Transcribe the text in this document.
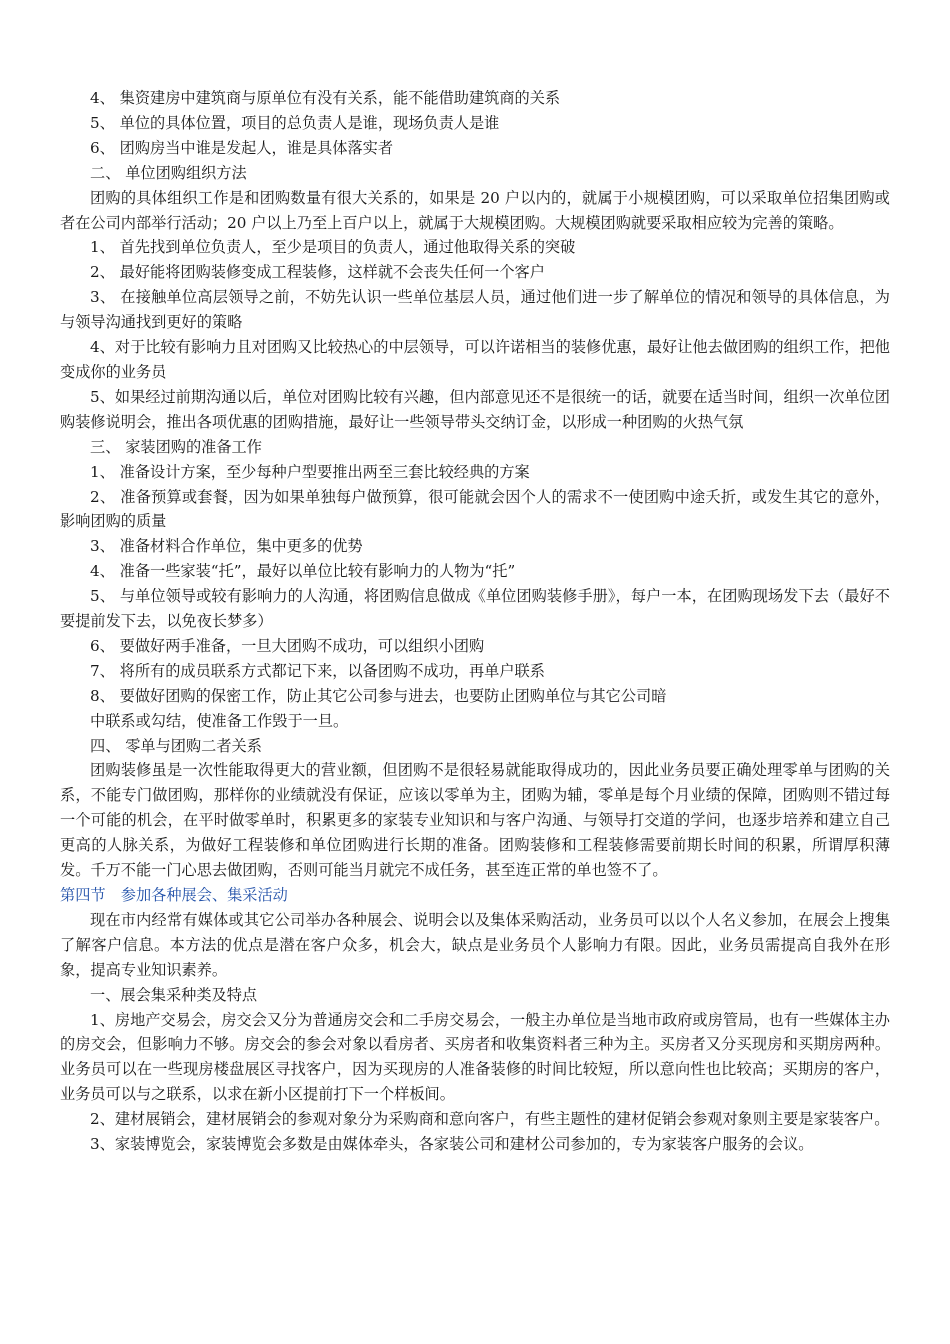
4、 集资建房中建筑商与原单位有没有关系，能不能借助建筑商的关系

5、 单位的具体位置，项目的总负责人是谁，现场负责人是谁

6、 团购房当中谁是发起人，谁是具体落实者

二、 单位团购组织方法

团购的具体组织工作是和团购数量有很大关系的，如果是 20 户以内的，就属于小规模团购，可以采取单位招集团购或者在公司内部举行活动；20 户以上乃至上百户以上，就属于大规模团购。大规模团购就要采取相应较为完善的策略。

1、 首先找到单位负责人，至少是项目的负责人，通过他取得关系的突破

2、 最好能将团购装修变成工程装修，这样就不会丧失任何一个客户

3、 在接触单位高层领导之前，不妨先认识一些单位基层人员，通过他们进一步了解单位的情况和领导的具体信息，为与领导沟通找到更好的策略

4、对于比较有影响力且对团购又比较热心的中层领导，可以许诺相当的装修优惠，最好让他去做团购的组织工作，把他变成你的业务员

5、如果经过前期沟通以后，单位对团购比较有兴趣，但内部意见还不是很统一的话，就要在适当时间，组织一次单位团购装修说明会，推出各项优惠的团购措施，最好让一些领导带头交纳订金，以形成一种团购的火热气氛

三、 家装团购的准备工作

1、 准备设计方案，至少每种户型要推出两至三套比较经典的方案

2、 准备预算或套餐，因为如果单独每户做预算，很可能就会因个人的需求不一使团购中途夭折，或发生其它的意外，影响团购的质量

3、 准备材料合作单位，集中更多的优势

4、 准备一些家装“托”，最好以单位比较有影响力的人物为“托”

5、 与单位领导或较有影响力的人沟通，将团购信息做成《单位团购装修手册》，每户一本，在团购现场发下去（最好不要提前发下去，以免夜长梦多）

6、 要做好两手准备，一旦大团购不成功，可以组织小团购

7、 将所有的成员联系方式都记下来，以备团购不成功，再单户联系

8、 要做好团购的保密工作，防止其它公司参与进去，也要防止团购单位与其它公司暗

中联系或勾结，使准备工作毁于一旦。

四、 零单与团购二者关系

团购装修虽是一次性能取得更大的营业额，但团购不是很轻易就能取得成功的，因此业务员要正确处理零单与团购的关系，不能专门做团购，那样你的业绩就没有保证，应该以零单为主，团购为辅，零单是每个月业绩的保障，团购则不错过每一个可能的机会，在平时做零单时，积累更多的家装专业知识和与客户沟通、与领导打交道的学问，也逐步培养和建立自己更高的人脉关系，为做好工程装修和单位团购进行长期的准备。团购装修和工程装修需要前期长时间的积累，所谓厚积薄发。千万不能一门心思去做团购，否则可能当月就完不成任务，甚至连正常的单也签不了。

第四节　参加各种展会、集采活动

现在市内经常有媒体或其它公司举办各种展会、说明会以及集体采购活动，业务员可以以个人名义参加，在展会上搜集了解客户信息。本方法的优点是潜在客户众多，机会大，缺点是业务员个人影响力有限。因此，业务员需提高自我外在形象，提高专业知识素养。

一、展会集采种类及特点

1、房地产交易会，房交会又分为普通房交会和二手房交易会，一般主办单位是当地市政府或房管局，也有一些媒体主办的房交会，但影响力不够。房交会的参会对象以看房者、买房者和收集资料者三种为主。买房者又分买现房和买期房两种。业务员可以在一些现房楼盘展区寻找客户，因为买现房的人准备装修的时间比较短，所以意向性也比较高；买期房的客户，业务员可以与之联系，以求在新小区提前打下一个样板间。

2、建材展销会，建材展销会的参观对象分为采购商和意向客户，有些主题性的建材促销会参观对象则主要是家装客户。

3、家装博览会，家装博览会多数是由媒体牵头，各家装公司和建材公司参加的，专为家装客户服务的会议。
